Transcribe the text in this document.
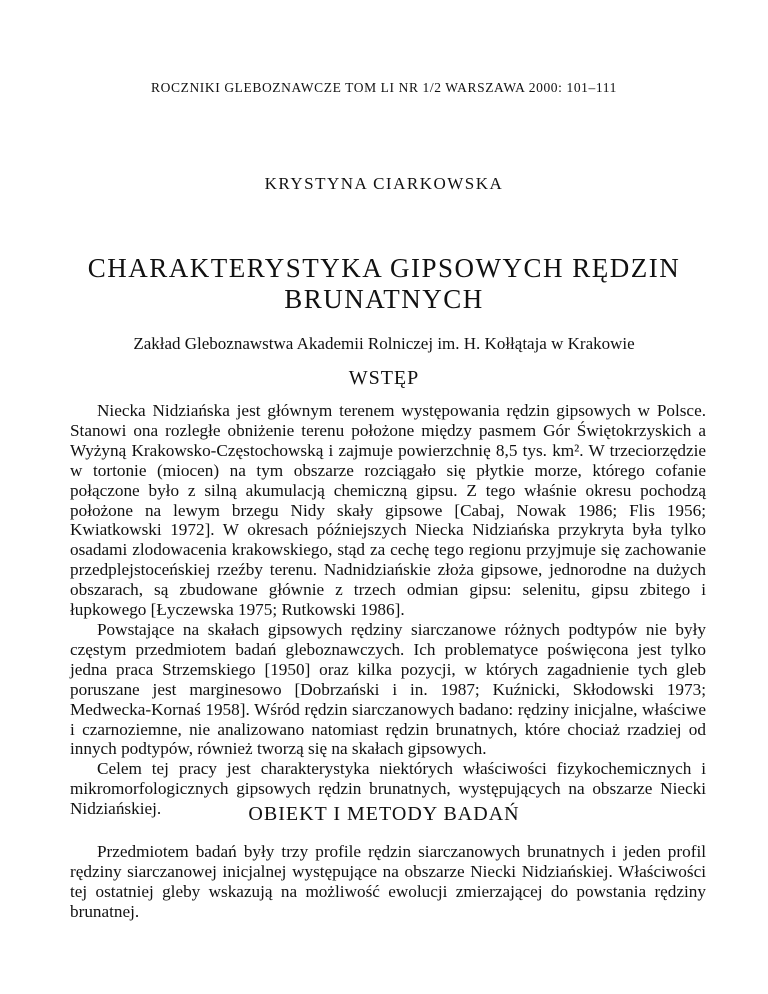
ROCZNIKI GLEBOZNAWCZE TOM LI NR 1/2 WARSZAWA 2000: 101–111
KRYSTYNA CIARKOWSKA
CHARAKTERYSTYKA GIPSOWYCH RĘDZIN
BRUNATNYCH
Zakład Gleboznawstwa Akademii Rolniczej im. H. Kołłątaja w Krakowie
WSTĘP

Niecka Nidziańska jest głównym terenem występowania rędzin gipsowych w Polsce. Stanowi ona rozległe obniżenie terenu położone między pasmem Gór Świętokrzyskich a Wyżyną Krakowsko-Częstochowską i zajmuje powierzchnię 8,5 tys. km². W trzeciorzędzie w tortonie (miocen) na tym obszarze rozciągało się płytkie morze, którego cofanie połączone było z silną akumulacją chemiczną gipsu. Z tego właśnie okresu pochodzą położone na lewym brzegu Nidy skały gipsowe [Cabaj, Nowak 1986; Flis 1956; Kwiatkowski 1972]. W okresach późniejszych Niecka Nidziańska przykryta była tylko osadami zlodowacenia krakowskiego, stąd za cechę tego regionu przyjmuje się zachowanie przedplejstoceńskiej rzeźby terenu. Nadnidziańskie złoża gipsowe, jednorodne na dużych obszarach, są zbudowane głównie z trzech odmian gipsu: selenitu, gipsu zbitego i łupkowego [Łyczewska 1975; Rutkowski 1986].

Powstające na skałach gipsowych rędziny siarczanowe różnych podtypów nie były częstym przedmiotem badań gleboznawczych. Ich problematyce poświęcona jest tylko jedna praca Strzemskiego [1950] oraz kilka pozycji, w których zagadnienie tych gleb poruszane jest marginesowo [Dobrzański i in. 1987; Kuźnicki, Skłodowski 1973; Medwecka-Kornaś 1958]. Wśród rędzin siarczanowych badano: rędziny inicjalne, właściwe i czarnoziemne, nie analizowano natomiast rędzin brunatnych, które chociaż rzadziej od innych podtypów, również tworzą się na skałach gipsowych.

Celem tej pracy jest charakterystyka niektórych właściwości fizykochemicznych i mikromorfologicznych gipsowych rędzin brunatnych, występujących na obszarze Niecki Nidziańskiej.	OBIEKT I METODY BADAŃ

Przedmiotem badań były trzy profile rędzin siarczanowych brunatnych i jeden profil rędziny siarczanowej inicjalnej występujące na obszarze Niecki Nidziańskiej. Właściwości tej ostatniej gleby wskazują na możliwość ewolucji zmierzającej do powstania rędziny brunatnej.
